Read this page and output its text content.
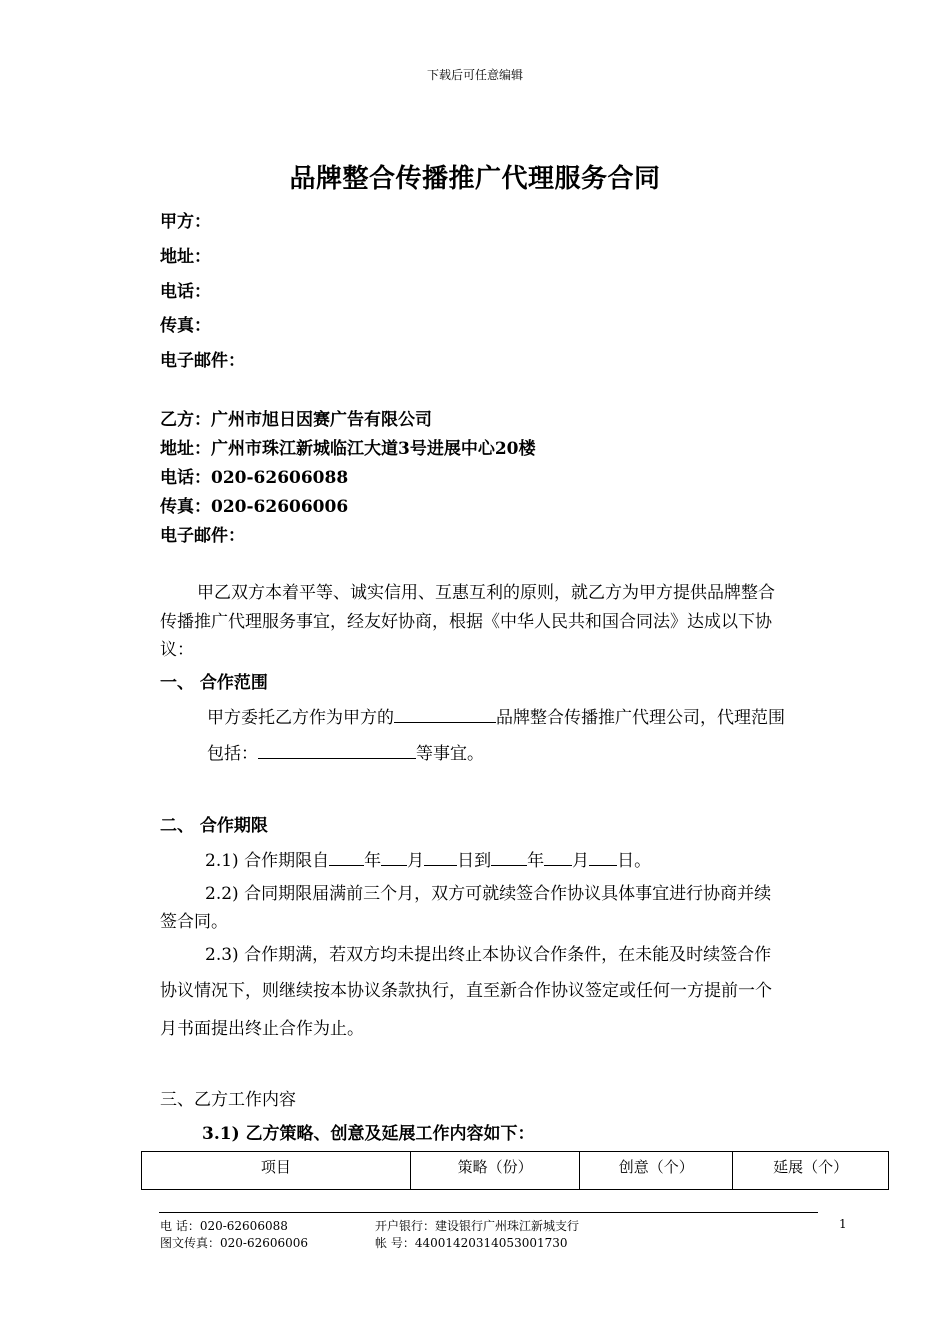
下载后可任意编辑
品牌整合传播推广代理服务合同
甲方：
地址：
电话：
传真：
电子邮件：
乙方：广州市旭日因赛广告有限公司
地址：广州市珠江新城临江大道3号进展中心20楼
电话：020-62606088
传真：020-62606006
电子邮件：
甲乙双方本着平等、诚实信用、互惠互利的原则，就乙方为甲方提供品牌整合
传播推广代理服务事宜，经友好协商，根据《中华人民共和国合同法》达成以下协
议：
一、 合作范围
甲方委托乙方作为甲方的	品牌整合传播推广代理公司，代理范围
包括：	等事宜。
二、 合作期限
2.1) 合作期限自 年 月 日到 年 月 日。
2.2) 合同期限届满前三个月，双方可就续签合作协议具体事宜进行协商并续
签合同。
2.3) 合作期满，若双方均未提出终止本协议合作条件，在未能及时续签合作
协议情况下，则继续按本协议条款执行，直至新合作协议签定或任何一方提前一个
月书面提出终止合作为止。
三、乙方工作内容
3.1) 乙方策略、创意及延展工作内容如下：
项目	策略（份）	创意（个）	延展（个）
电 话：020-62606088
图文传真：020-62606006
开户银行：建设银行广州珠江新城支行
帐 号：44001420314053001730
1
